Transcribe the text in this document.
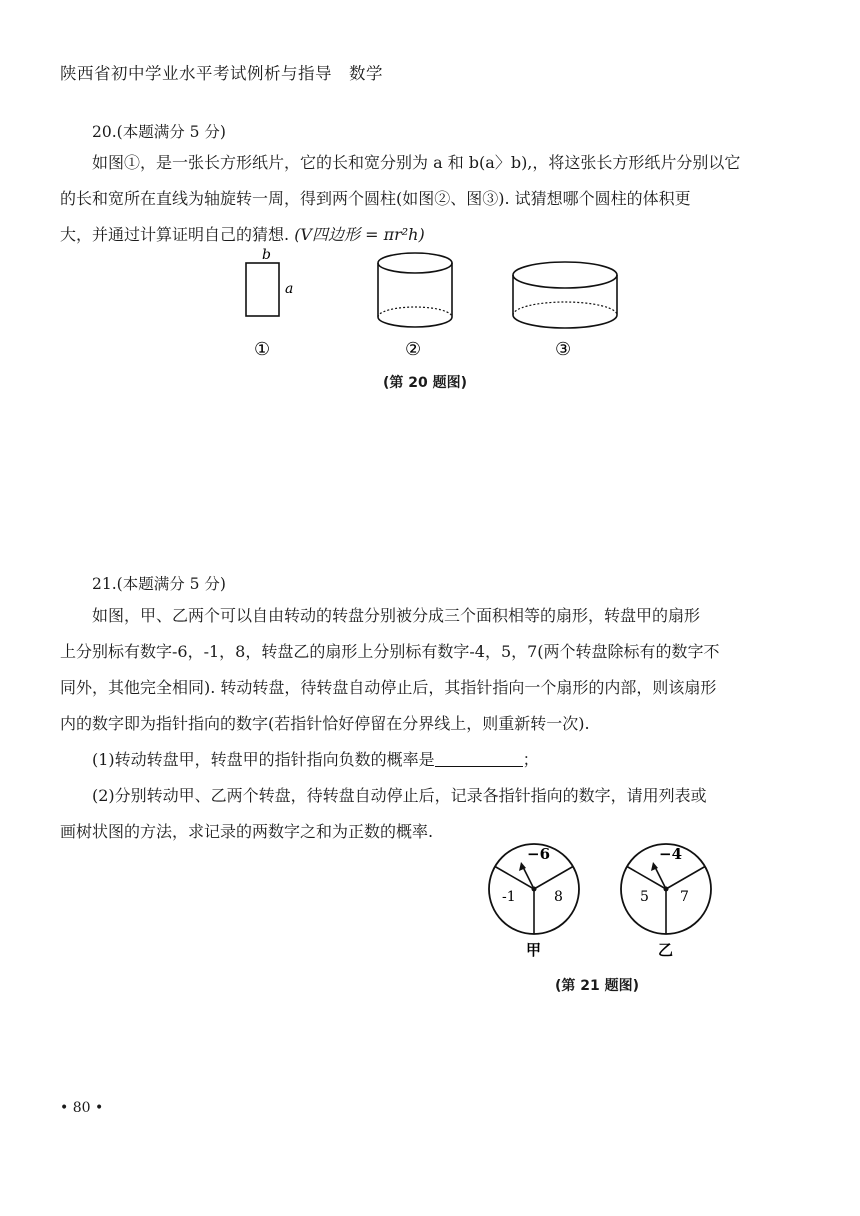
陕西省初中学业水平考试例析与指导　数学
20.(本题满分 5 分)
如图①，是一张长方形纸片，它的长和宽分别为 a 和 b(a〉b),，将这张长方形纸片分别以它
的长和宽所在直线为轴旋转一周，得到两个圆柱(如图②、图③). 试猜想哪个圆柱的体积更
大，并通过计算证明自己的猜想. (V四边形 = πr²h)
b
a
①	②	③
(第 20 题图)
21.(本题满分 5 分)
如图，甲、乙两个可以自由转动的转盘分别被分成三个面积相等的扇形，转盘甲的扇形
上分别标有数字-6，-1，8，转盘乙的扇形上分别标有数字-4，5，7(两个转盘除标有的数字不
同外，其他完全相同). 转动转盘，待转盘自动停止后，其指针指向一个扇形的内部，则该扇形
内的数字即为指针指向的数字(若指针恰好停留在分界线上，则重新转一次).
(1)转动转盘甲，转盘甲的指针指向负数的概率是	；
(2)分别转动甲、乙两个转盘，待转盘自动停止后，记录各指针指向的数字，请用列表或
画树状图的方法，求记录的两数字之和为正数的概率.
−6
-1	8
甲
−4
5 7
乙
(第 21 题图)
• 80 •
